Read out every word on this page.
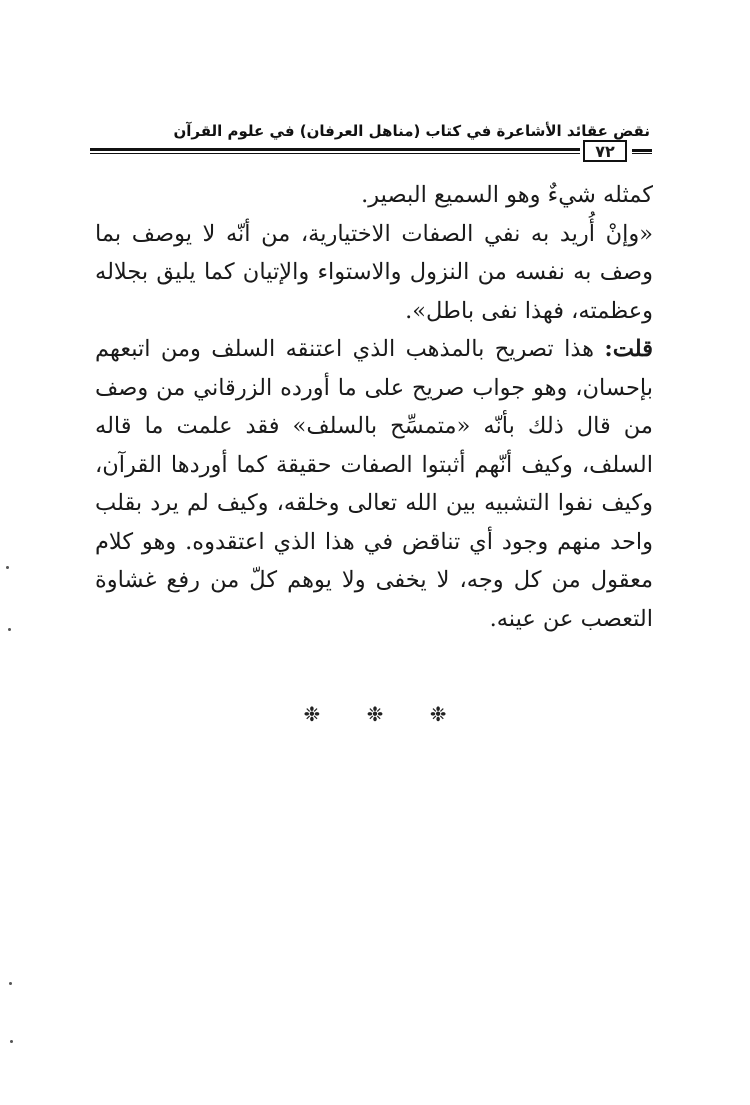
نقض عقائد الأشاعرة في كتاب (مناهل العرفان) في علوم القرآن
٧٢

كمثله شيءٌ وهو السميع البصير.

«وإنْ أُريد به نفي الصفات الاختيارية، من أنّه لا يوصف بما وصف به نفسه من النزول والاستواء والإتيان كما يليق بجلاله وعظمته، فهذا نفى باطل».

قلت: هذا تصريح بالمذهب الذي اعتنقه السلف ومن اتبعهم بإحسان، وهو جواب صريح على ما أورده الزرقاني من وصف من قال ذلك بأنّه «متمسِّح بالسلف» فقد علمت ما قاله السلف، وكيف أنّهم أثبتوا الصفات حقيقة كما أوردها القرآن، وكيف نفوا التشبيه بين الله تعالى وخلقه، وكيف لم يرد بقلب واحد منهم وجود أي تناقض في هذا الذي اعتقدوه. وهو كلام معقول من كل وجه، لا يخفى ولا يوهم كلّ من رفع غشاوة التعصب عن عينه.

❉ ❉ ❉
